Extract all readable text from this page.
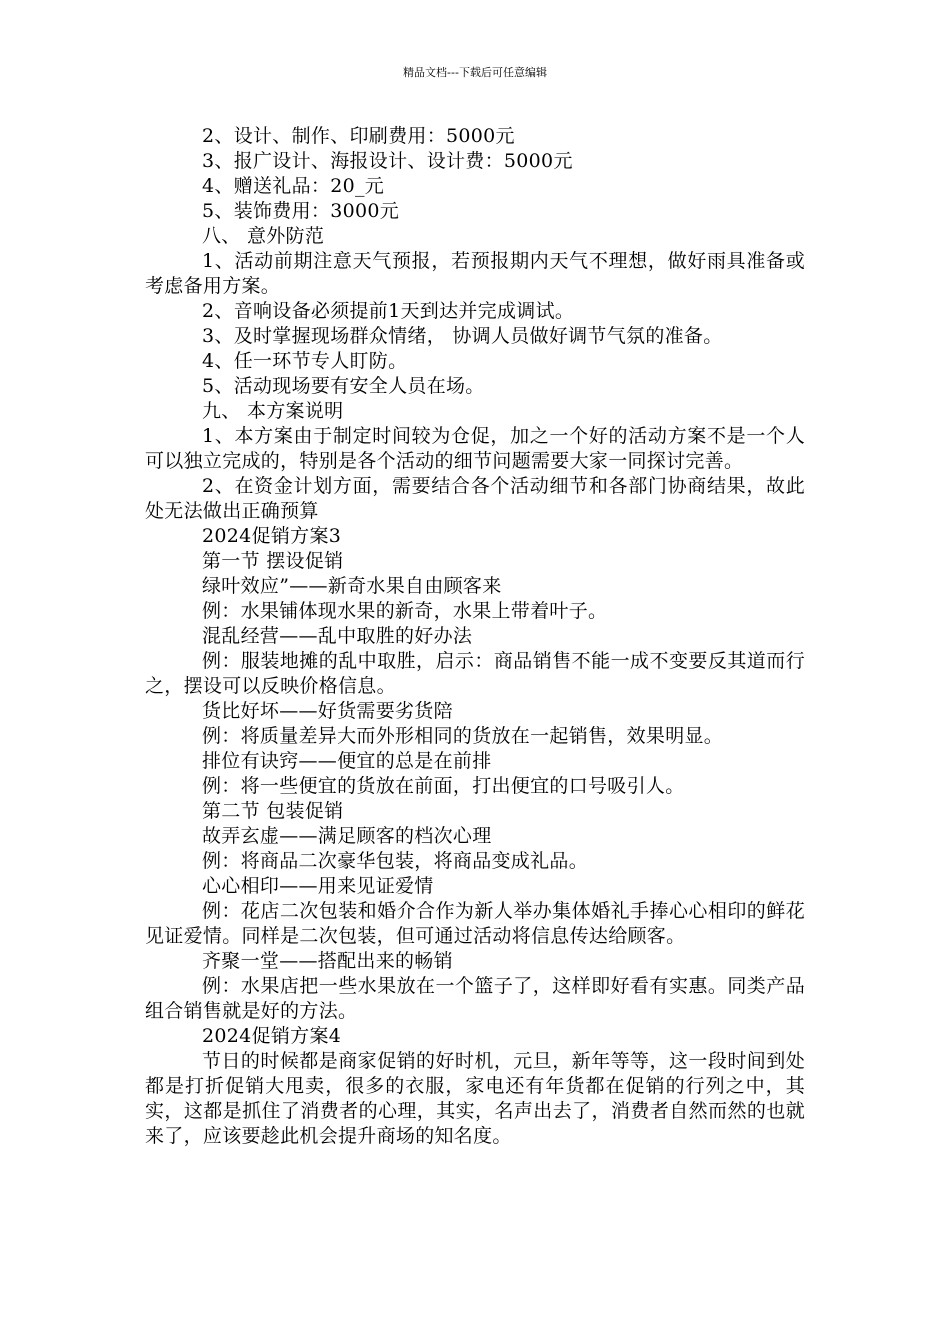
精品文档---下载后可任意编辑

2、设计、制作、印刷费用：5000元

3、报广设计、海报设计、设计费：5000元

4、赠送礼品：20_元

5、装饰费用：3000元

八、 意外防范

1、活动前期注意天气预报，若预报期内天气不理想，做好雨具准备或考虑备用方案。

2、音响设备必须提前1天到达并完成调试。

3、及时掌握现场群众情绪， 协调人员做好调节气氛的准备。

4、任一环节专人盯防。

5、活动现场要有安全人员在场。

九、 本方案说明

1、本方案由于制定时间较为仓促，加之一个好的活动方案不是一个人可以独立完成的，特别是各个活动的细节问题需要大家一同探讨完善。

2、在资金计划方面，需要结合各个活动细节和各部门协商结果，故此处无法做出正确预算

2024促销方案3

第一节 摆设促销

绿叶效应”——新奇水果自由顾客来

例：水果铺体现水果的新奇，水果上带着叶子。

混乱经营——乱中取胜的好办法

例：服装地摊的乱中取胜，启示：商品销售不能一成不变要反其道而行之，摆设可以反映价格信息。

货比好坏——好货需要劣货陪

例：将质量差异大而外形相同的货放在一起销售，效果明显。

排位有诀窍——便宜的总是在前排

例：将一些便宜的货放在前面，打出便宜的口号吸引人。

第二节 包装促销

故弄玄虚——满足顾客的档次心理

例：将商品二次豪华包装，将商品变成礼品。

心心相印——用来见证爱情

例：花店二次包装和婚介合作为新人举办集体婚礼手捧心心相印的鲜花见证爱情。同样是二次包装，但可通过活动将信息传达给顾客。

齐聚一堂——搭配出来的畅销

例：水果店把一些水果放在一个篮子了，这样即好看有实惠。同类产品组合销售就是好的方法。

2024促销方案4

节日的时候都是商家促销的好时机，元旦，新年等等，这一段时间到处都是打折促销大甩卖，很多的衣服，家电还有年货都在促销的行列之中，其实，这都是抓住了消费者的心理，其实，名声出去了，消费者自然而然的也就来了，应该要趁此机会提升商场的知名度。
